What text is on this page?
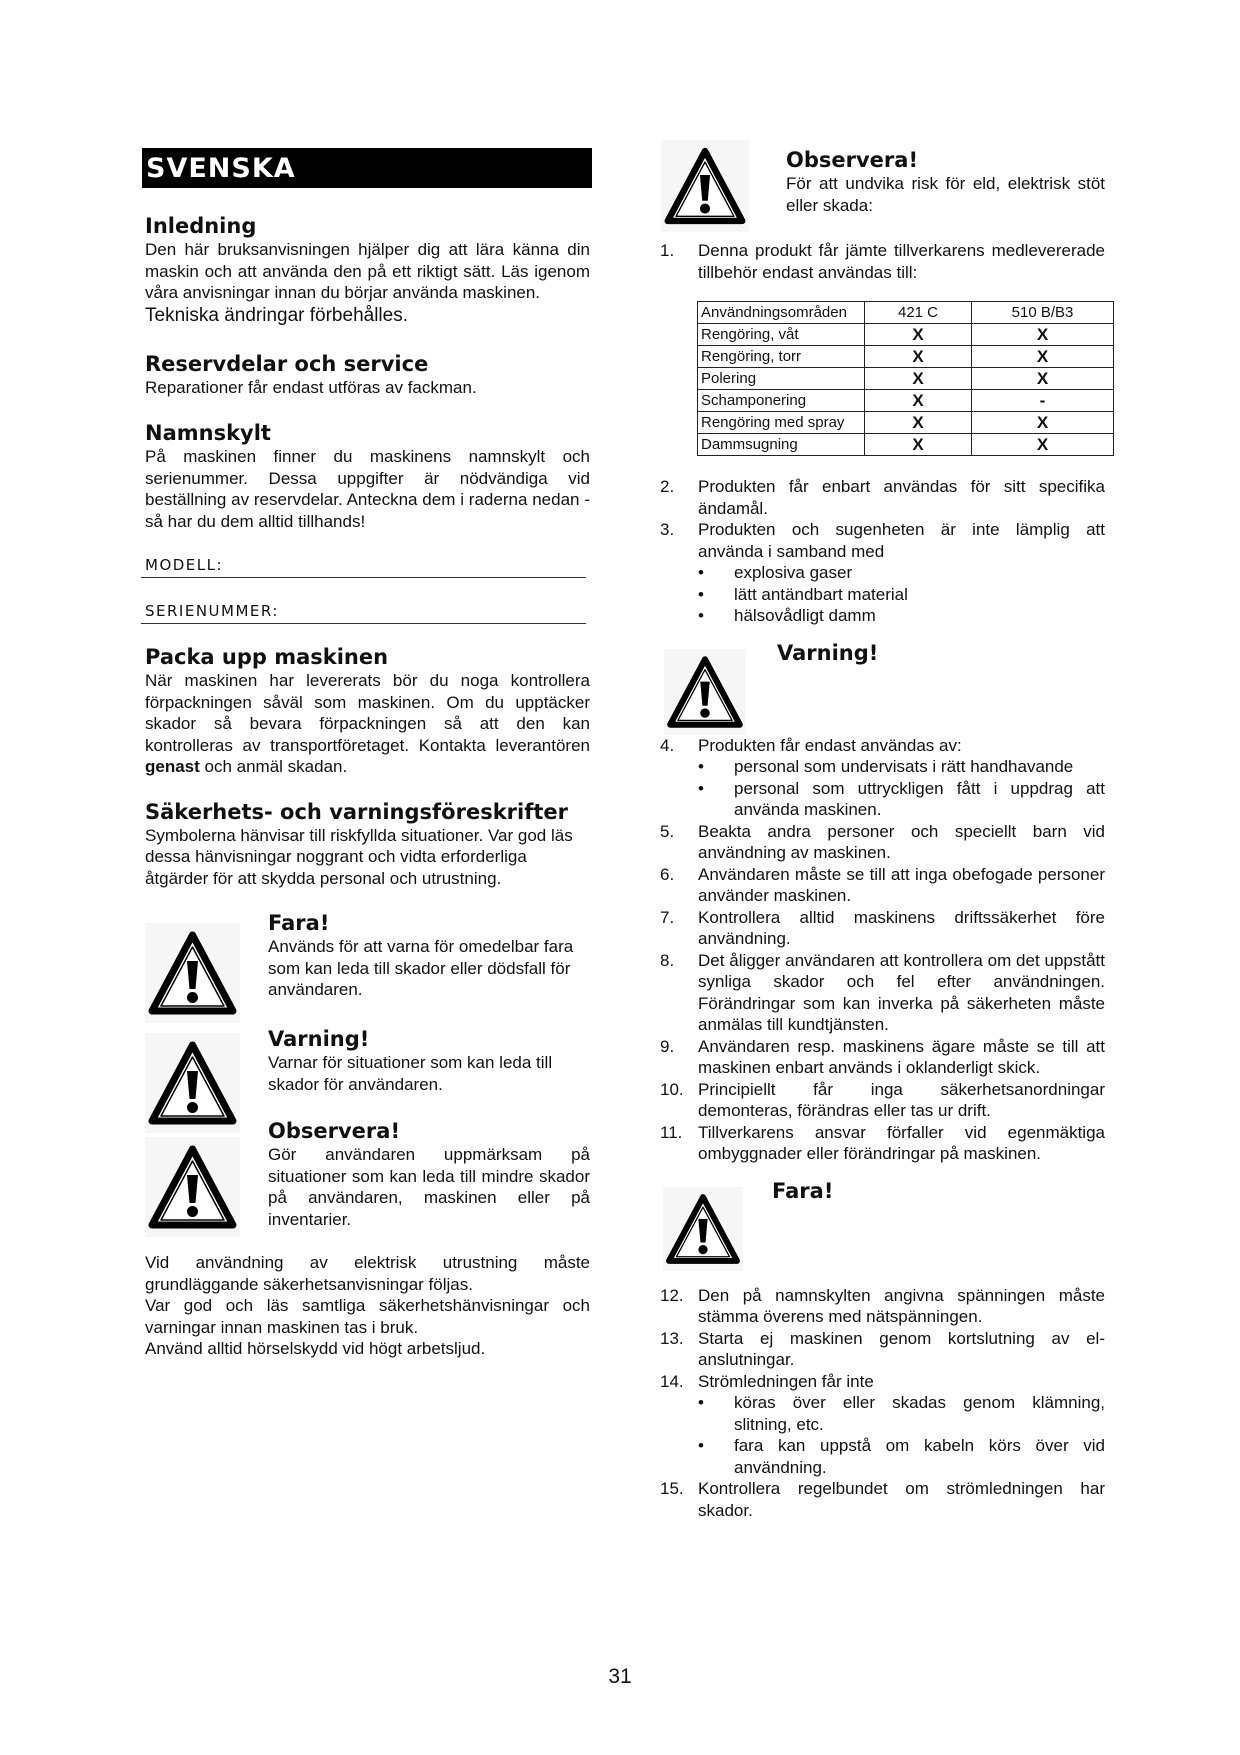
SVENSKA
Inledning

Den här bruksanvisningen hjälper dig att lära känna din maskin och att använda den på ett riktigt sätt. Läs igenom våra anvisningar innan du börjar använda maskinen.

Tekniska ändringar förbehålles.

Reservdelar och service

Reparationer får endast utföras av fackman.

Namnskylt

På maskinen finner du maskinens namnskylt och serienummer. Dessa uppgifter är nödvändiga vid beställning av reservdelar. Anteckna dem i raderna nedan - så har du dem alltid tillhands!

MODELL:
SERIENUMMER:
Packa upp maskinen

När maskinen har levererats bör du noga kontrollera förpackningen såväl som maskinen. Om du upptäcker skador så bevara förpackningen så att den kan kontrolleras av transportföretaget. Kontakta leverantören genast och anmäl skadan.

Säkerhets- och varningsföreskrifter

Symbolerna hänvisar till riskfyllda situationer. Var god läs dessa hänvisningar noggrant och vidta erforderliga åtgärder för att skydda personal och utrustning.

Fara!

Används för att varna för omedelbar fara som kan leda till skador eller dödsfall för användaren.

Varning!

Varnar för situationer som kan leda till skador för användaren.

Observera!

Gör användaren uppmärksam på situationer som kan leda till mindre skador på användaren, maskinen eller på inventarier.

Vid användning av elektrisk utrustning måste grundläggande säkerhetsanvisningar följas.

Var god och läs samtliga säkerhetshänvisningar och varningar innan maskinen tas i bruk.

Använd alltid hörselskydd vid högt arbetsljud.

Observera!

För att undvika risk för eld, elektrisk stöt eller skada:

1. Denna produkt får jämte tillverkarens medlevererade tillbehör endast användas till:
Användningsområden	421 C	510 B/B3
Rengöring, våt	X	X
Rengöring, torr	X	X
Polering	X	X
Schamponering	X	-
Rengöring med spray	X	X
Dammsugning	X	X
2. Produkten får enbart användas för sitt specifika ändamål.
3. Produkten och sugenheten är inte lämplig att använda i samband med
• explosiva gaser
• lätt antändbart material
• hälsovådligt damm
Varning!
4. Produkten får endast användas av:
• personal som undervisats i rätt handhavande
• personal som uttryckligen fått i uppdrag att använda maskinen.
5. Beakta andra personer och speciellt barn vid användning av maskinen.
6. Användaren måste se till att inga obefogade personer använder maskinen.
7. Kontrollera alltid maskinens driftssäkerhet före användning.
8. Det åligger användaren att kontrollera om det uppstått synliga skador och fel efter användningen. Förändringar som kan inverka på säkerheten måste anmälas till kundtjänsten.
9. Användaren resp. maskinens ägare måste se till att maskinen enbart används i oklanderligt skick.
10. Principiellt får inga säkerhetsanordningar demonteras, förändras eller tas ur drift.
11. Tillverkarens ansvar förfaller vid egenmäktiga ombyggnader eller förändringar på maskinen.
Fara!
12. Den på namnskylten angivna spänningen måste stämma överens med nätspänningen.
13. Starta ej maskinen genom kortslutning av el-anslutningar.
14. Strömledningen får inte
• köras över eller skadas genom klämning, slitning, etc.
• fara kan uppstå om kabeln körs över vid användning.
15. Kontrollera regelbundet om strömledningen har skador.
31
